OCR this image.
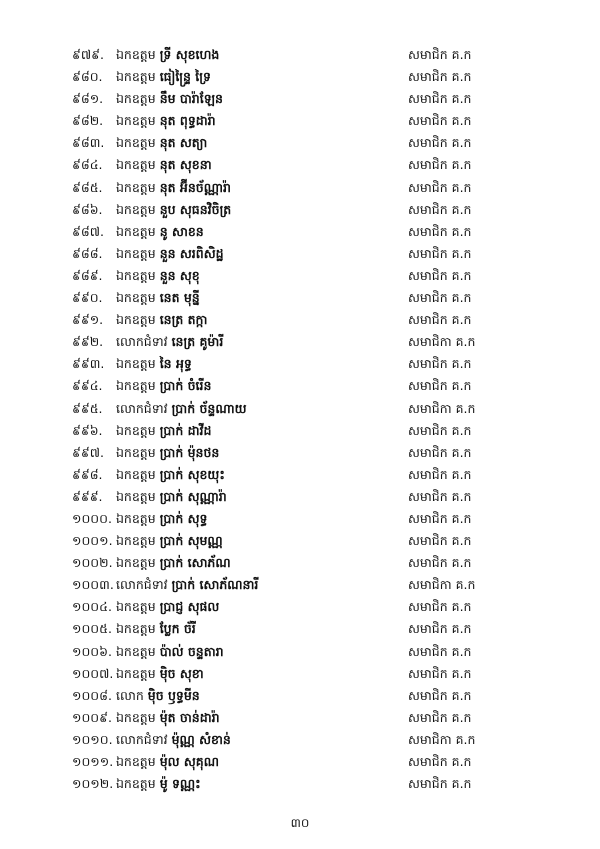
៩៧៩. ឯកឧត្តម ទ្រី សុខហេង	សមាជិក គ.ក
៩៨០. ឯកឧត្តម ធៀន្ទ្រៃ ទ្រៃ	សមាជិក គ.ក
៩៨១. ឯកឧត្តម នឹម បារ៉ាឡែន	សមាជិក គ.ក
៩៨២. ឯកឧត្តម នុត ពុទ្ធដារ៉ា	សមាជិក គ.ក
៩៨៣. ឯកឧត្តម នុត សត្យា	សមាជិក គ.ក
៩៨៤. ឯកឧត្តម នុត សុខនា	សមាជិក គ.ក
៩៨៥. ឯកឧត្តម នុត អ៊ីនច័ណ្ណារ៉ា	សមាជិក គ.ក
៩៨៦. ឯកឧត្តម នួប សុធនវិចិត្រ	សមាជិក គ.ក
៩៨៧. ឯកឧត្តម នូ សាខន	សមាជិក គ.ក
៩៨៨. ឯកឧត្តម នួន សរពិសិដ្ឋ	សមាជិក គ.ក
៩៨៩. ឯកឧត្តម នួន សុខុ	សមាជិក គ.ក
៩៩០. ឯកឧត្តម នេត មុន្នី	សមាជិក គ.ក
៩៩១. ឯកឧត្តម នេត្រ តក្កា	សមាជិក គ.ក
៩៩២. លោកជំទាវ នេត្រ គូម៉ារី	សមាជិកា គ.ក
៩៩៣. ឯកឧត្តម នៃ អុទ្ធ	សមាជិក គ.ក
៩៩៤. ឯកឧត្តម ប្រាក់ ចំរើន	សមាជិក គ.ក
៩៩៥. លោកជំទាវ ប្រាក់ ច័ន្ទណាយ	សមាជិកា គ.ក
៩៩៦. ឯកឧត្តម ប្រាក់ ដាវីដ	សមាជិក គ.ក
៩៩៧. ឯកឧត្តម ប្រាក់ ម៉ុនថន	សមាជិក គ.ក
៩៩៨. ឯកឧត្តម ប្រាក់ សុខយុះ	សមាជិក គ.ក
៩៩៩. ឯកឧត្តម ប្រាក់ សុណ្ណារ៉ា	សមាជិក គ.ក
១០០០. ឯកឧត្តម ប្រាក់ សុទ្ធ	សមាជិក គ.ក
១០០១. ឯកឧត្តម ប្រាក់ សុមណ្ណ	សមាជិក គ.ក
១០០២. ឯកឧត្តម ប្រាក់ សោភ័ណ	សមាជិក គ.ក
១០០៣. លោកជំទាវ ប្រាក់ សោភ័ណនារី	សមាជិកា គ.ក
១០០៤. ឯកឧត្តម ប្រាជ្ញ សុផល	សមាជិក គ.ក
១០០៥. ឯកឧត្តម ប្លែក ច័រី	សមាជិក គ.ក
១០០៦. ឯកឧត្តម ប៉ាល់ ចន្ទតារា	សមាជិក គ.ក
១០០៧. ឯកឧត្តម ម៉ិច សុខា	សមាជិក គ.ក
១០០៨. លោក ម៉ិច ឫទ្ធមីន	សមាជិក គ.ក
១០០៩. ឯកឧត្តម ម៉ុត ចាន់ដារ៉ា	សមាជិក គ.ក
១០១០. លោកជំទាវ ម៉ុណ្ណ សំខាន់	សមាជិកា គ.ក
១០១១. ឯកឧត្តម ម៉ុល សុគុណ	សមាជិក គ.ក
១០១២. ឯកឧត្តម ម៉ូ ទណ្ណះ	សមាជិក គ.ក
៣០
